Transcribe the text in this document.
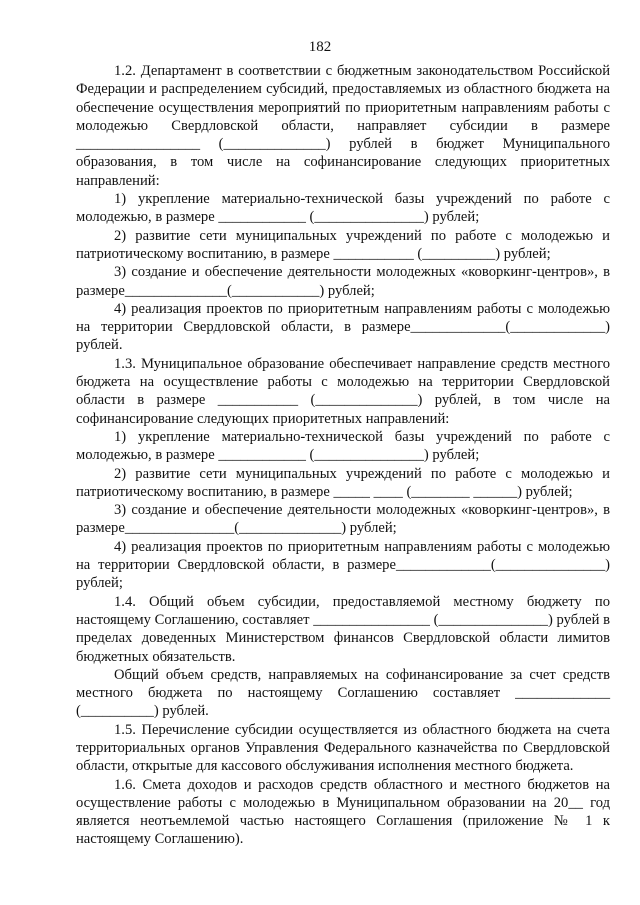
182

1.2. Департамент в соответствии с бюджетным законодательством Российской Федерации и распределением субсидий, предоставляемых из областного бюджета на обеспечение осуществления мероприятий по приоритетным направлениям работы с молодежью Свердловской области, направляет субсидии в размере _________________ (______________) рублей в бюджет Муниципального образования, в том числе на софинансирование следующих приоритетных направлений:

1) укрепление материально-технической базы учреждений по работе с молодежью, в размере ____________ (_______________) рублей;

2) развитие сети муниципальных учреждений по работе с молодежью и патриотическому воспитанию, в размере ___________ (__________) рублей;

3) создание и обеспечение деятельности молодежных «коворкинг-центров», в размере______________(____________) рублей;

4) реализация проектов по приоритетным направлениям работы с молодежью на территории Свердловской области, в размере_____________(_____________) рублей.

1.3. Муниципальное образование обеспечивает направление средств местного бюджета на осуществление работы с молодежью на территории Свердловской области в размере ___________ (______________) рублей, в том числе на софинансирование следующих приоритетных направлений:

1) укрепление материально-технической базы учреждений по работе с молодежью, в размере ____________ (_______________) рублей;

2) развитие сети муниципальных учреждений по работе с молодежью и патриотическому воспитанию, в размере _____ ____ (________ ______) рублей;

3) создание и обеспечение деятельности молодежных «коворкинг-центров», в размере_______________(______________) рублей;

4) реализация проектов по приоритетным направлениям работы с молодежью на территории Свердловской области, в размере_____________(_______________) рублей;

1.4. Общий объем субсидии, предоставляемой местному бюджету по настоящему Соглашению, составляет ________________ (_______________) рублей в пределах доведенных Министерством финансов Свердловской области лимитов бюджетных обязательств.

Общий объем средств, направляемых на софинансирование за счет средств местного бюджета по настоящему Соглашению составляет _____________ (__________) рублей.

1.5. Перечисление субсидии осуществляется из областного бюджета на счета территориальных органов Управления Федерального казначейства по Свердловской области, открытые для кассового обслуживания исполнения местного бюджета.

1.6. Смета доходов и расходов средств областного и местного бюджетов на осуществление работы с молодежью в Муниципальном образовании на 20__ год является неотъемлемой частью настоящего Соглашения (приложение № 1 к настоящему Соглашению).
